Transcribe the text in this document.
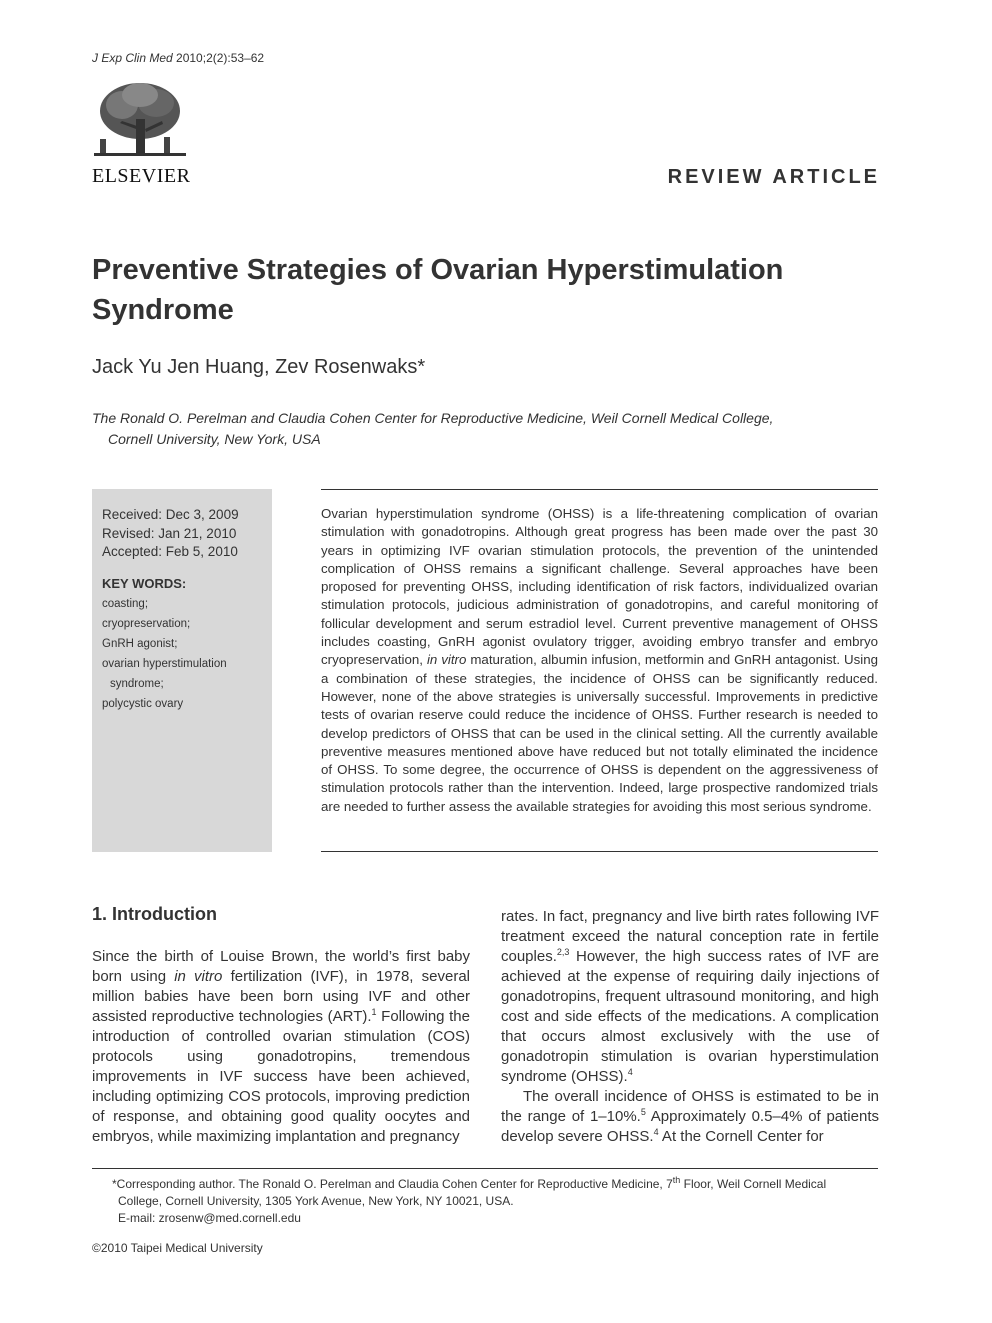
J Exp Clin Med 2010;2(2):53–62
ELSEVIER	REVIEW ARTICLE
Preventive Strategies of Ovarian Hyperstimulation
Syndrome
Jack Yu Jen Huang, Zev Rosenwaks*
The Ronald O. Perelman and Claudia Cohen Center for Reproductive Medicine, Weil Cornell Medical College,
Cornell University, New York, USA
Received: Dec 3, 2009
Revised: Jan 21, 2010
Accepted: Feb 5, 2010
KEY WORDS:
coasting;
cryopreservation;
GnRH agonist;
ovarian hyperstimulation
syndrome;
polycystic ovary

Ovarian hyperstimulation syndrome (OHSS) is a life-threatening complication of ovarian stimulation with gonadotropins. Although great progress has been made over the past 30 years in optimizing IVF ovarian stimulation protocols, the prevention of the unintended complication of OHSS remains a significant challenge. Several approaches have been proposed for preventing OHSS, including identification of risk factors, individualized ovarian stimulation protocols, judicious administration of gonadotropins, and careful monitoring of follicular development and serum estradiol level. Current preventive management of OHSS includes coasting, GnRH agonist ovulatory trigger, avoiding embryo transfer and embryo cryopreservation, in vitro maturation, albumin infusion, metformin and GnRH antagonist. Using a combination of these strategies, the incidence of OHSS can be significantly reduced. However, none of the above strategies is universally successful. Improvements in predictive tests of ovarian reserve could reduce the incidence of OHSS. Further research is needed to develop predictors of OHSS that can be used in the clinical setting. All the currently available preventive measures mentioned above have reduced but not totally eliminated the incidence of OHSS. To some degree, the occurrence of OHSS is dependent on the aggressiveness of stimulation protocols rather than the intervention. Indeed, large prospective randomized trials are needed to further assess the available strategies for avoiding this most serious syndrome.

1. Introduction

Since the birth of Louise Brown, the world’s first baby born using in vitro fertilization (IVF), in 1978, several million babies have been born using IVF and other assisted reproductive technologies (ART).$^1$ Following the introduction of controlled ovarian stimulation (COS) protocols using gonadotropins, tremendous improvements in IVF success have been achieved, including optimizing COS protocols, improving prediction of response, and obtaining good quality oocytes and embryos, while maximizing implantation and pregnancy

rates. In fact, pregnancy and live birth rates following IVF treatment exceed the natural conception rate in fertile couples.$^{2,3}$ However, the high success rates of IVF are achieved at the expense of requiring daily injections of gonadotropins, frequent ultrasound monitoring, and high cost and side effects of the medications. A complication that occurs almost exclusively with the use of gonadotropin stimulation is ovarian hyperstimulation syndrome (OHSS).$^4$

The overall incidence of OHSS is estimated to be in the range of 1–10%.$^5$ Approximately 0.5–4% of patients develop severe OHSS.$^4$ At the Cornell Center for

*Corresponding author. The Ronald O. Perelman and Claudia Cohen Center for Reproductive Medicine, 7th Floor, Weil Cornell Medical
College, Cornell University, 1305 York Avenue, New York, NY 10021, USA.
E-mail: zrosenw@med.cornell.edu
©2010 Taipei Medical University
